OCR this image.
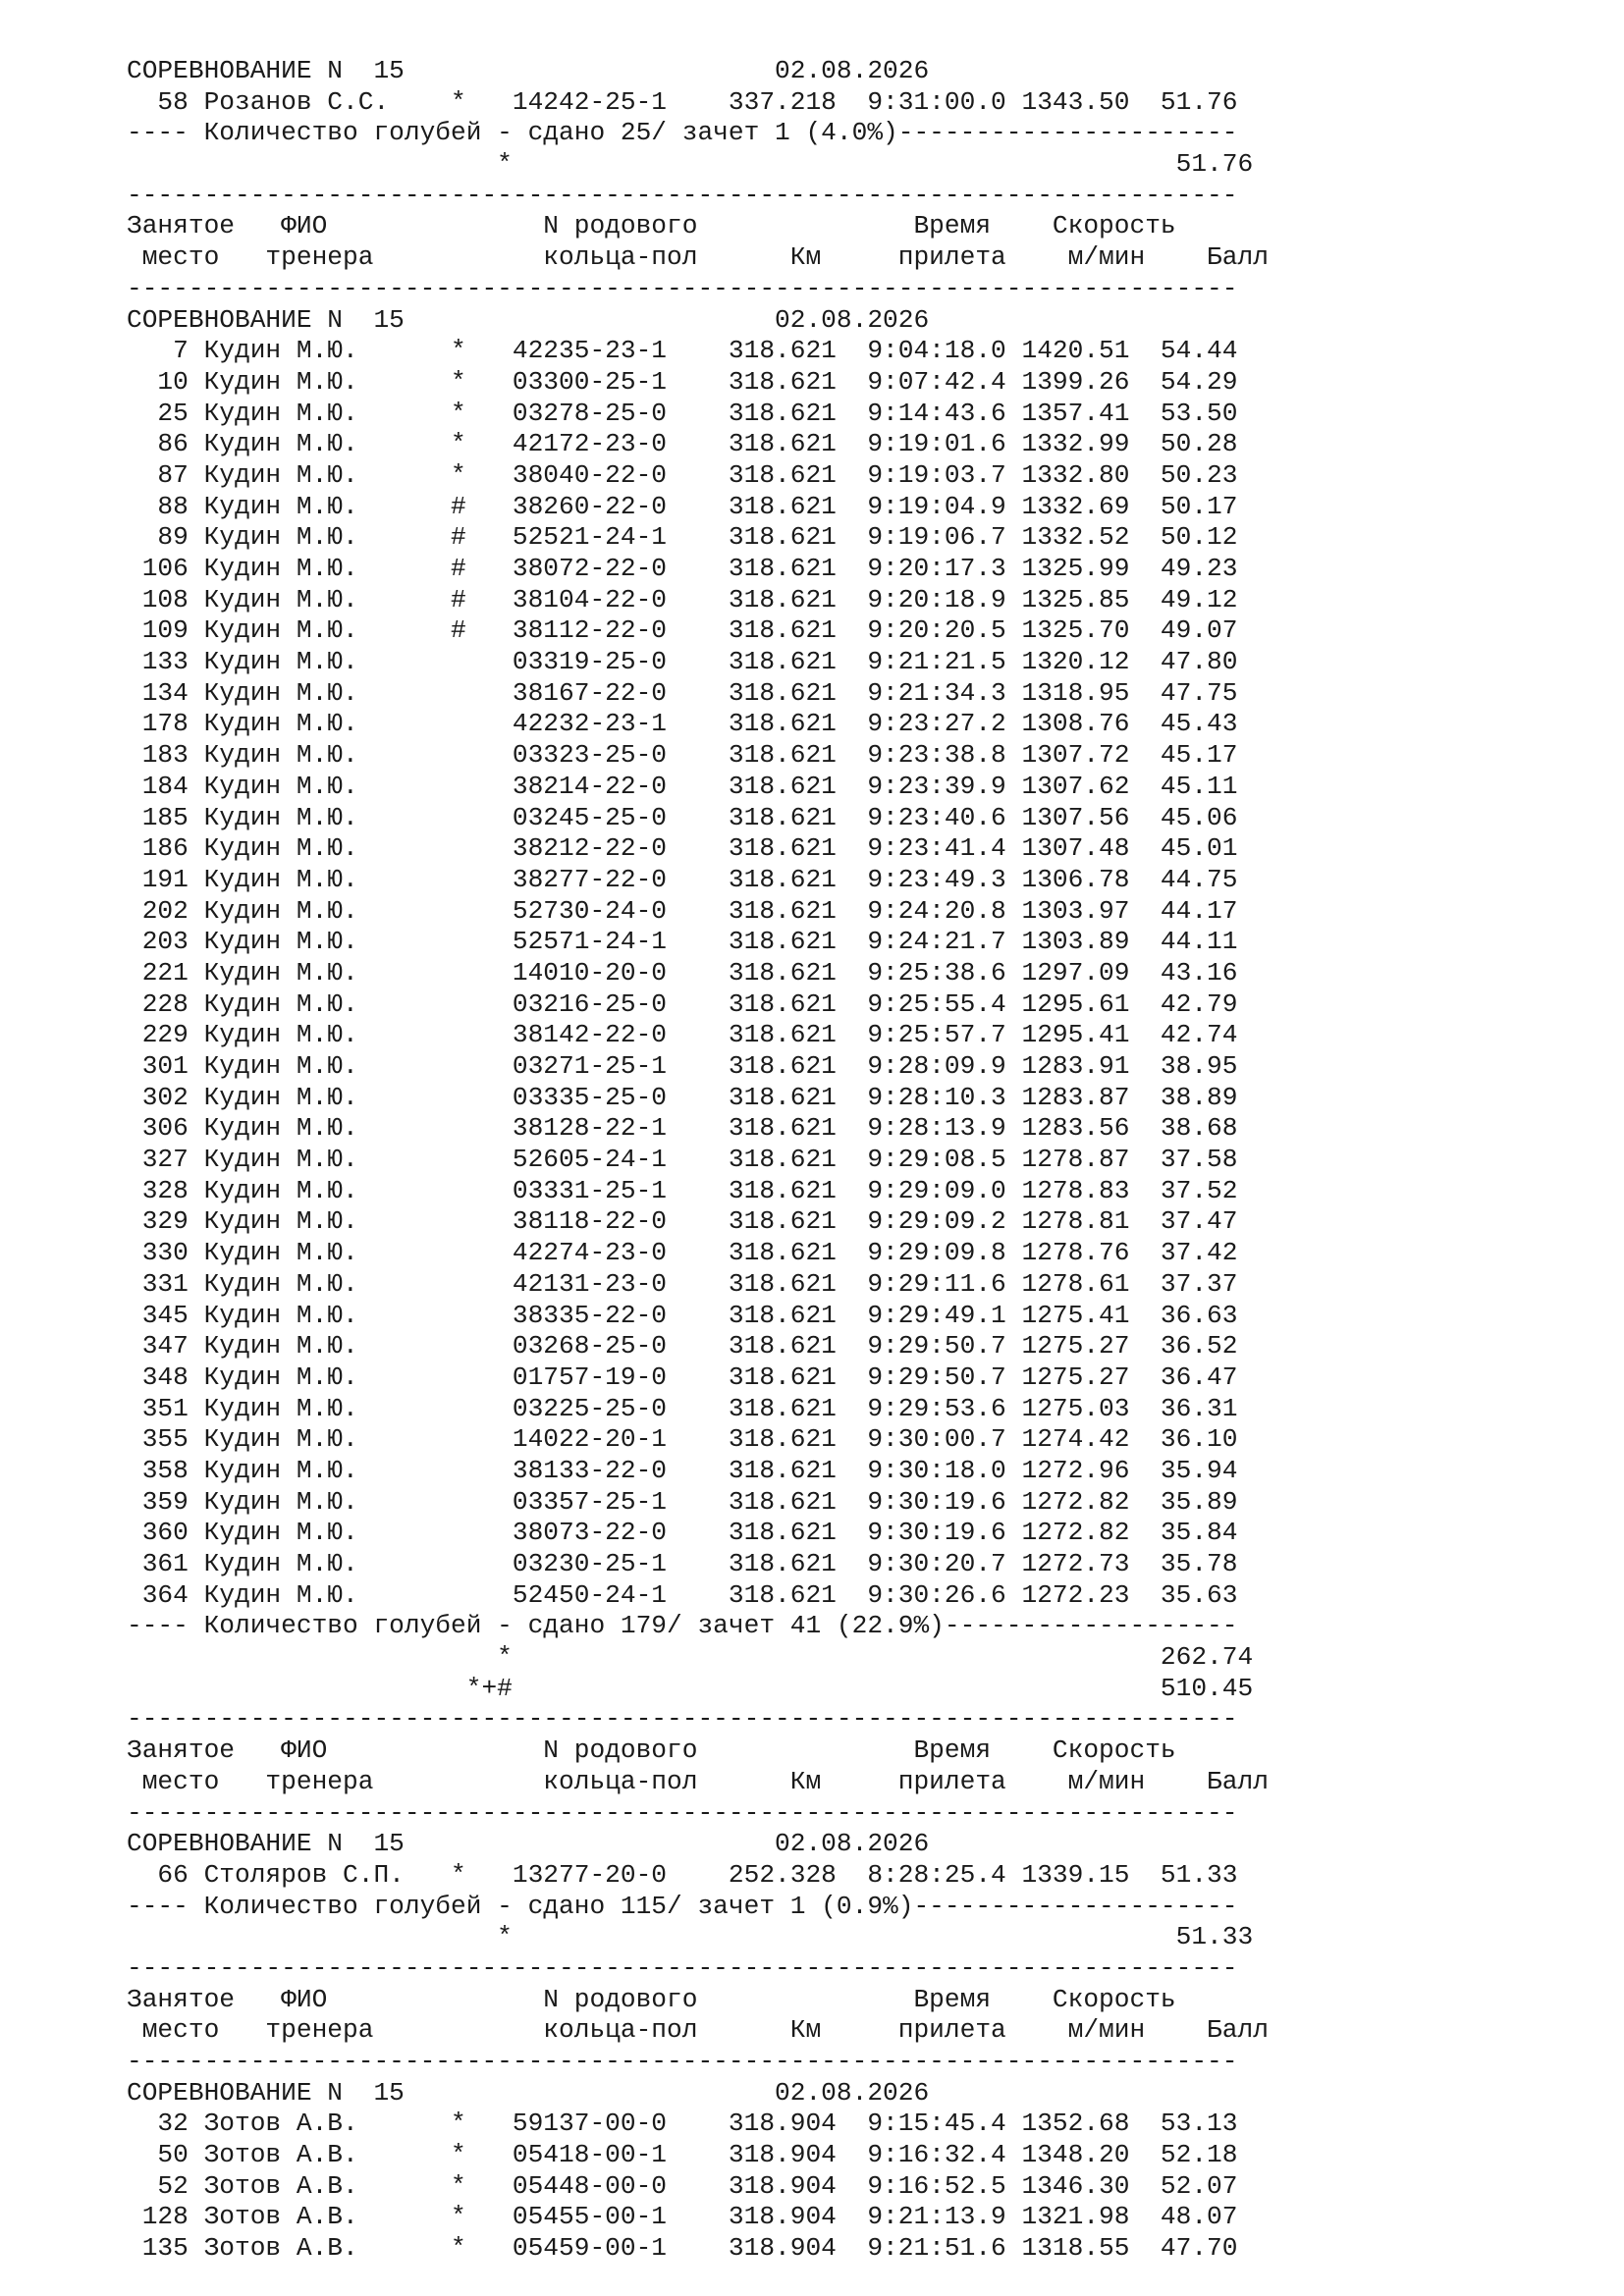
СОРЕВНОВАНИЕ N  15                        02.08.2026
58 Розанов С.С.    *   14242-25-1    337.218  9:31:00.0 1343.50  51.76
---- Количество голубей - сдано 25/ зачет 1 (4.0%)----------------------
*                                           51.76
------------------------------------------------------------------------
Занятое   ФИО              N родового              Время    Скорость
место   тренера           кольца-пол      Км     прилета    м/мин    Балл
------------------------------------------------------------------------
СОРЕВНОВАНИЕ N  15                        02.08.2026
7 Кудин М.Ю.      *   42235-23-1    318.621  9:04:18.0 1420.51  54.44
10 Кудин М.Ю.      *   03300-25-1    318.621  9:07:42.4 1399.26  54.29
25 Кудин М.Ю.      *   03278-25-0    318.621  9:14:43.6 1357.41  53.50
86 Кудин М.Ю.      *   42172-23-0    318.621  9:19:01.6 1332.99  50.28
87 Кудин М.Ю.      *   38040-22-0    318.621  9:19:03.7 1332.80  50.23
88 Кудин М.Ю.      #   38260-22-0    318.621  9:19:04.9 1332.69  50.17
89 Кудин М.Ю.      #   52521-24-1    318.621  9:19:06.7 1332.52  50.12
106 Кудин М.Ю.      #   38072-22-0    318.621  9:20:17.3 1325.99  49.23
108 Кудин М.Ю.      #   38104-22-0    318.621  9:20:18.9 1325.85  49.12
109 Кудин М.Ю.      #   38112-22-0    318.621  9:20:20.5 1325.70  49.07
133 Кудин М.Ю.          03319-25-0    318.621  9:21:21.5 1320.12  47.80
134 Кудин М.Ю.          38167-22-0    318.621  9:21:34.3 1318.95  47.75
178 Кудин М.Ю.          42232-23-1    318.621  9:23:27.2 1308.76  45.43
183 Кудин М.Ю.          03323-25-0    318.621  9:23:38.8 1307.72  45.17
184 Кудин М.Ю.          38214-22-0    318.621  9:23:39.9 1307.62  45.11
185 Кудин М.Ю.          03245-25-0    318.621  9:23:40.6 1307.56  45.06
186 Кудин М.Ю.          38212-22-0    318.621  9:23:41.4 1307.48  45.01
191 Кудин М.Ю.          38277-22-0    318.621  9:23:49.3 1306.78  44.75
202 Кудин М.Ю.          52730-24-0    318.621  9:24:20.8 1303.97  44.17
203 Кудин М.Ю.          52571-24-1    318.621  9:24:21.7 1303.89  44.11
221 Кудин М.Ю.          14010-20-0    318.621  9:25:38.6 1297.09  43.16
228 Кудин М.Ю.          03216-25-0    318.621  9:25:55.4 1295.61  42.79
229 Кудин М.Ю.          38142-22-0    318.621  9:25:57.7 1295.41  42.74
301 Кудин М.Ю.          03271-25-1    318.621  9:28:09.9 1283.91  38.95
302 Кудин М.Ю.          03335-25-0    318.621  9:28:10.3 1283.87  38.89
306 Кудин М.Ю.          38128-22-1    318.621  9:28:13.9 1283.56  38.68
327 Кудин М.Ю.          52605-24-1    318.621  9:29:08.5 1278.87  37.58
328 Кудин М.Ю.          03331-25-1    318.621  9:29:09.0 1278.83  37.52
329 Кудин М.Ю.          38118-22-0    318.621  9:29:09.2 1278.81  37.47
330 Кудин М.Ю.          42274-23-0    318.621  9:29:09.8 1278.76  37.42
331 Кудин М.Ю.          42131-23-0    318.621  9:29:11.6 1278.61  37.37
345 Кудин М.Ю.          38335-22-0    318.621  9:29:49.1 1275.41  36.63
347 Кудин М.Ю.          03268-25-0    318.621  9:29:50.7 1275.27  36.52
348 Кудин М.Ю.          01757-19-0    318.621  9:29:50.7 1275.27  36.47
351 Кудин М.Ю.          03225-25-0    318.621  9:29:53.6 1275.03  36.31
355 Кудин М.Ю.          14022-20-1    318.621  9:30:00.7 1274.42  36.10
358 Кудин М.Ю.          38133-22-0    318.621  9:30:18.0 1272.96  35.94
359 Кудин М.Ю.          03357-25-1    318.621  9:30:19.6 1272.82  35.89
360 Кудин М.Ю.          38073-22-0    318.621  9:30:19.6 1272.82  35.84
361 Кудин М.Ю.          03230-25-1    318.621  9:30:20.7 1272.73  35.78
364 Кудин М.Ю.          52450-24-1    318.621  9:30:26.6 1272.23  35.63
---- Количество голубей - сдано 179/ зачет 41 (22.9%)-------------------
*                                          262.74
*+#                                          510.45
------------------------------------------------------------------------
Занятое   ФИО              N родового              Время    Скорость
место   тренера           кольца-пол      Км     прилета    м/мин    Балл
------------------------------------------------------------------------
СОРЕВНОВАНИЕ N  15                        02.08.2026
66 Столяров С.П.   *   13277-20-0    252.328  8:28:25.4 1339.15  51.33
---- Количество голубей - сдано 115/ зачет 1 (0.9%)---------------------
*                                           51.33
------------------------------------------------------------------------
Занятое   ФИО              N родового              Время    Скорость
место   тренера           кольца-пол      Км     прилета    м/мин    Балл
------------------------------------------------------------------------
СОРЕВНОВАНИЕ N  15                        02.08.2026
32 Зотов А.В.      *   59137-00-0    318.904  9:15:45.4 1352.68  53.13
50 Зотов А.В.      *   05418-00-1    318.904  9:16:32.4 1348.20  52.18
52 Зотов А.В.      *   05448-00-0    318.904  9:16:52.5 1346.30  52.07
128 Зотов А.В.      *   05455-00-1    318.904  9:21:13.9 1321.98  48.07
135 Зотов А.В.      *   05459-00-1    318.904  9:21:51.6 1318.55  47.70
